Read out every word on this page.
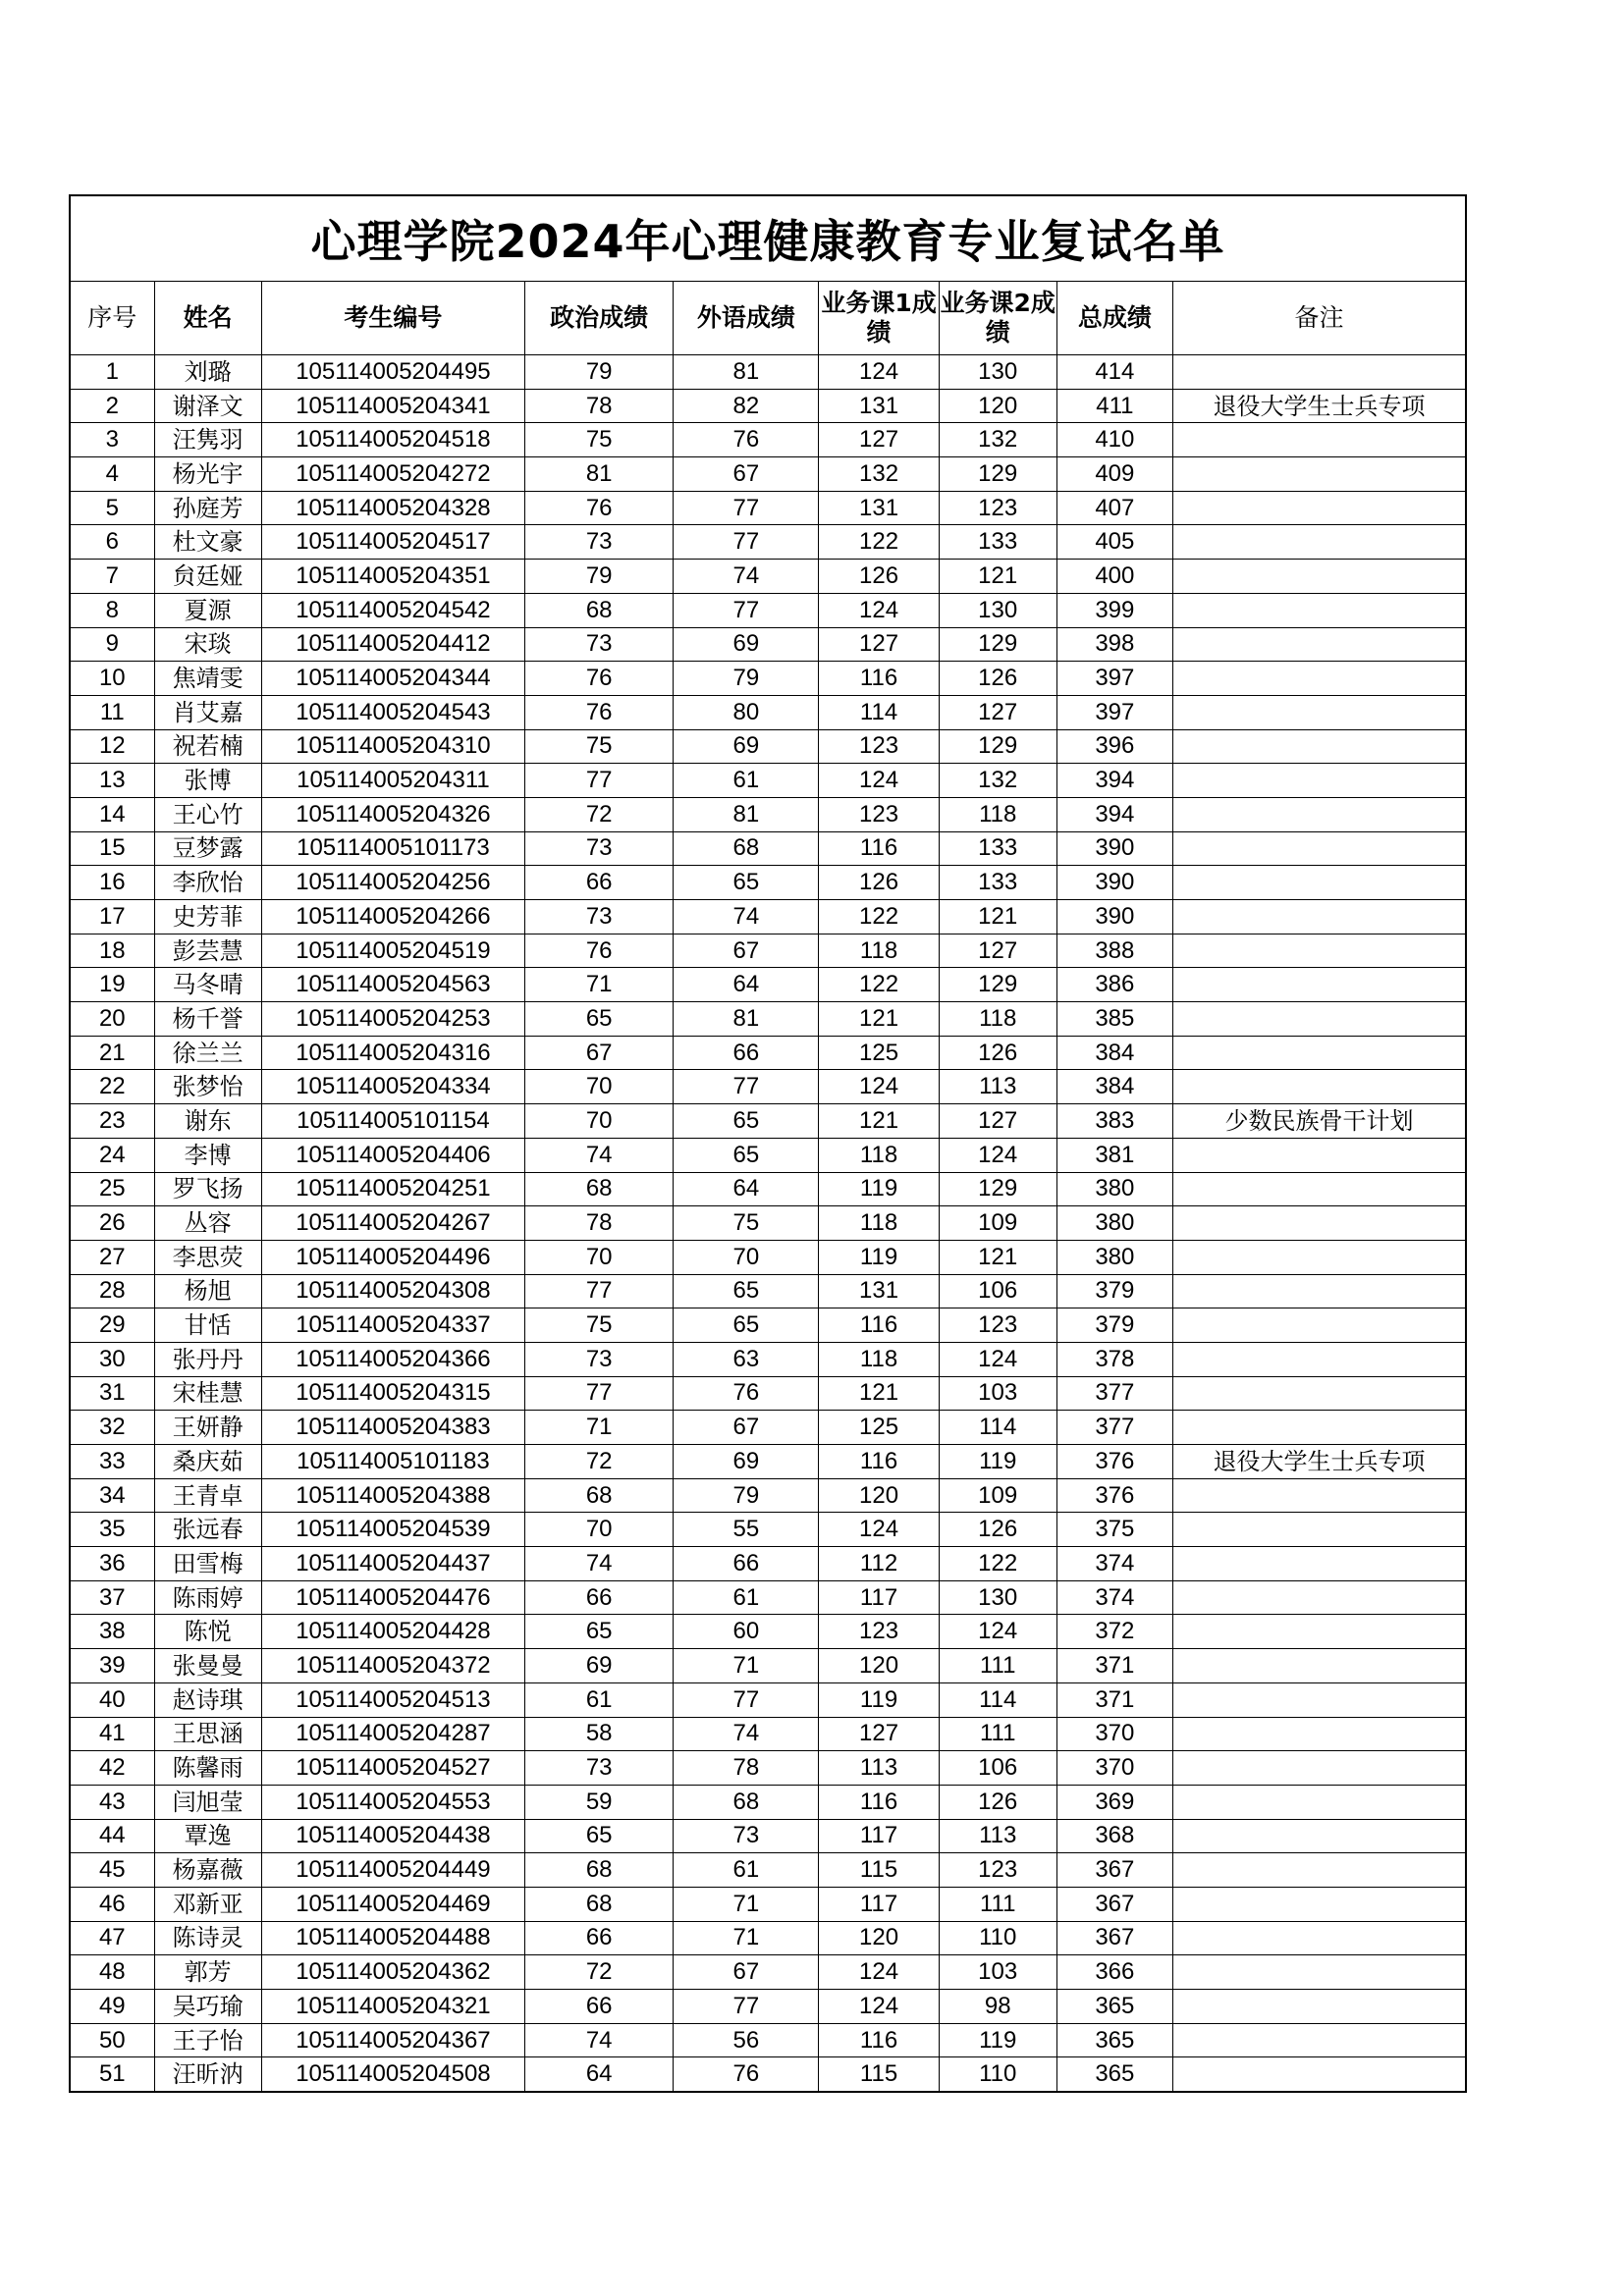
心理学院2024年心理健康教育专业复试名单								
序号	姓名	考生编号	政治成绩	外语成绩	业务课1成绩	业务课2成绩	总成绩	备注
1	刘璐	105114005204495	79	81	124	130	414	
2	谢泽文	105114005204341	78	82	131	120	411	退役大学生士兵专项
3	汪隽羽	105114005204518	75	76	127	132	410	
4	杨光宇	105114005204272	81	67	132	129	409	
5	孙庭芳	105114005204328	76	77	131	123	407	
6	杜文豪	105114005204517	73	77	122	133	405	
7	贠廷娅	105114005204351	79	74	126	121	400	
8	夏源	105114005204542	68	77	124	130	399	
9	宋琰	105114005204412	73	69	127	129	398	
10	焦靖雯	105114005204344	76	79	116	126	397	
11	肖艾嘉	105114005204543	76	80	114	127	397	
12	祝若楠	105114005204310	75	69	123	129	396	
13	张博	105114005204311	77	61	124	132	394	
14	王心竹	105114005204326	72	81	123	118	394	
15	豆梦露	105114005101173	73	68	116	133	390	
16	李欣怡	105114005204256	66	65	126	133	390	
17	史芳菲	105114005204266	73	74	122	121	390	
18	彭芸慧	105114005204519	76	67	118	127	388	
19	马冬晴	105114005204563	71	64	122	129	386	
20	杨千誉	105114005204253	65	81	121	118	385	
21	徐兰兰	105114005204316	67	66	125	126	384	
22	张梦怡	105114005204334	70	77	124	113	384	
23	谢东	105114005101154	70	65	121	127	383	少数民族骨干计划
24	李博	105114005204406	74	65	118	124	381	
25	罗飞扬	105114005204251	68	64	119	129	380	
26	丛容	105114005204267	78	75	118	109	380	
27	李思荧	105114005204496	70	70	119	121	380	
28	杨旭	105114005204308	77	65	131	106	379	
29	甘恬	105114005204337	75	65	116	123	379	
30	张丹丹	105114005204366	73	63	118	124	378	
31	宋桂慧	105114005204315	77	76	121	103	377	
32	王妍静	105114005204383	71	67	125	114	377	
33	桑庆茹	105114005101183	72	69	116	119	376	退役大学生士兵专项
34	王青卓	105114005204388	68	79	120	109	376	
35	张远春	105114005204539	70	55	124	126	375	
36	田雪梅	105114005204437	74	66	112	122	374	
37	陈雨婷	105114005204476	66	61	117	130	374	
38	陈悦	105114005204428	65	60	123	124	372	
39	张曼曼	105114005204372	69	71	120	111	371	
40	赵诗琪	105114005204513	61	77	119	114	371	
41	王思涵	105114005204287	58	74	127	111	370	
42	陈馨雨	105114005204527	73	78	113	106	370	
43	闫旭莹	105114005204553	59	68	116	126	369	
44	覃逸	105114005204438	65	73	117	113	368	
45	杨嘉薇	105114005204449	68	61	115	123	367	
46	邓新亚	105114005204469	68	71	117	111	367	
47	陈诗灵	105114005204488	66	71	120	110	367	
48	郭芳	105114005204362	72	67	124	103	366	
49	吴巧瑜	105114005204321	66	77	124	98	365	
50	王子怡	105114005204367	74	56	116	119	365	
51	汪昕汭	105114005204508	64	76	115	110	365	
